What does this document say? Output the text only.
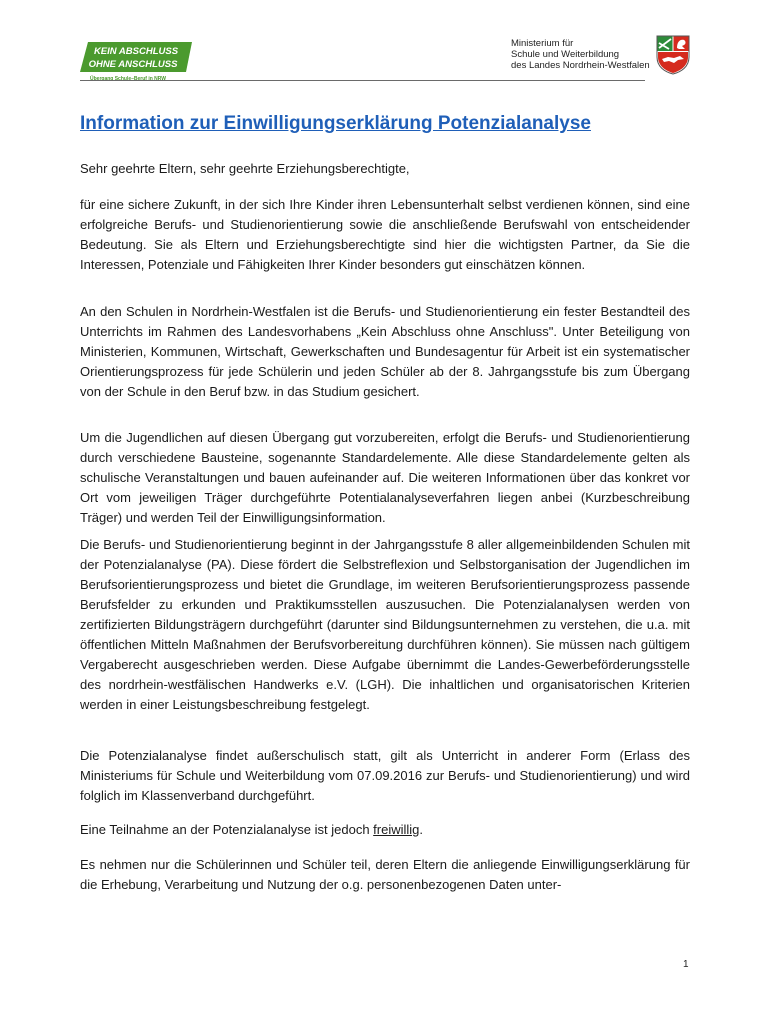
KEIN ABSCHLUSS
OHNE ANSCHLUSS
Übergang Schule–Beruf in NRW
Ministerium für
Schule und Weiterbildung
des Landes Nordrhein-Westfalen
Information zur Einwilligungserklärung Potenzialanalyse

Sehr geehrte Eltern, sehr geehrte Erziehungsberechtigte,

für eine sichere Zukunft, in der sich Ihre Kinder ihren Lebensunterhalt selbst verdienen können, sind eine erfolgreiche Berufs- und Studienorientierung sowie die anschließende Berufswahl von entscheidender Bedeutung. Sie als Eltern und Erziehungsberechtigte sind hier die wichtigsten Partner, da Sie die Interessen, Potenziale und Fähigkeiten Ihrer Kinder besonders gut einschätzen können.

An den Schulen in Nordrhein-Westfalen ist die Berufs- und Studienorientierung ein fester Bestandteil des Unterrichts im Rahmen des Landesvorhabens „Kein Abschluss ohne Anschluss". Unter Beteiligung von Ministerien, Kommunen, Wirtschaft, Gewerkschaften und Bundesagentur für Arbeit ist ein systematischer Orientierungsprozess für jede Schülerin und jeden Schüler ab der 8. Jahrgangsstufe bis zum Übergang von der Schule in den Beruf bzw. in das Studium gesichert.

Um die Jugendlichen auf diesen Übergang gut vorzubereiten, erfolgt die Berufs- und Studienorientierung durch verschiedene Bausteine, sogenannte Standardelemente. Alle diese Standardelemente gelten als schulische Veranstaltungen und bauen aufeinander auf. Die weiteren Informationen über das konkret vor Ort vom jeweiligen Träger durchgeführte Potentialanalyseverfahren liegen anbei (Kurzbeschreibung Träger) und werden Teil der Einwilligungsinformation.

Die Berufs- und Studienorientierung beginnt in der Jahrgangsstufe 8 aller allgemeinbildenden Schulen mit der Potenzialanalyse (PA). Diese fördert die Selbstreflexion und Selbstorganisation der Jugendlichen im Berufsorientierungsprozess und bietet die Grundlage, im weiteren Berufsorientierungsprozess passende Berufsfelder zu erkunden und Praktikumsstellen auszusuchen. Die Potenzialanalysen werden von zertifizierten Bildungsträgern durchgeführt (darunter sind Bildungsunternehmen zu verstehen, die u.a. mit öffentlichen Mitteln Maßnahmen der Berufsvorbereitung durchführen können). Sie müssen nach gültigem Vergaberecht ausgeschrieben werden. Diese Aufgabe übernimmt die Landes-Gewerbeförderungsstelle des nordrhein-westfälischen Handwerks e.V. (LGH). Die inhaltlichen und organisatorischen Kriterien werden in einer Leistungsbeschreibung festgelegt.

Die Potenzialanalyse findet außerschulisch statt, gilt als Unterricht in anderer Form (Erlass des Ministeriums für Schule und Weiterbildung vom 07.09.2016 zur Berufs- und Studienorientierung) und wird folglich im Klassenverband durchgeführt.

Eine Teilnahme an der Potenzialanalyse ist jedoch freiwillig.

Es nehmen nur die Schülerinnen und Schüler teil, deren Eltern die anliegende Einwilligungserklärung für die Erhebung, Verarbeitung und Nutzung der o.g. personenbezogenen Daten unter-

1
